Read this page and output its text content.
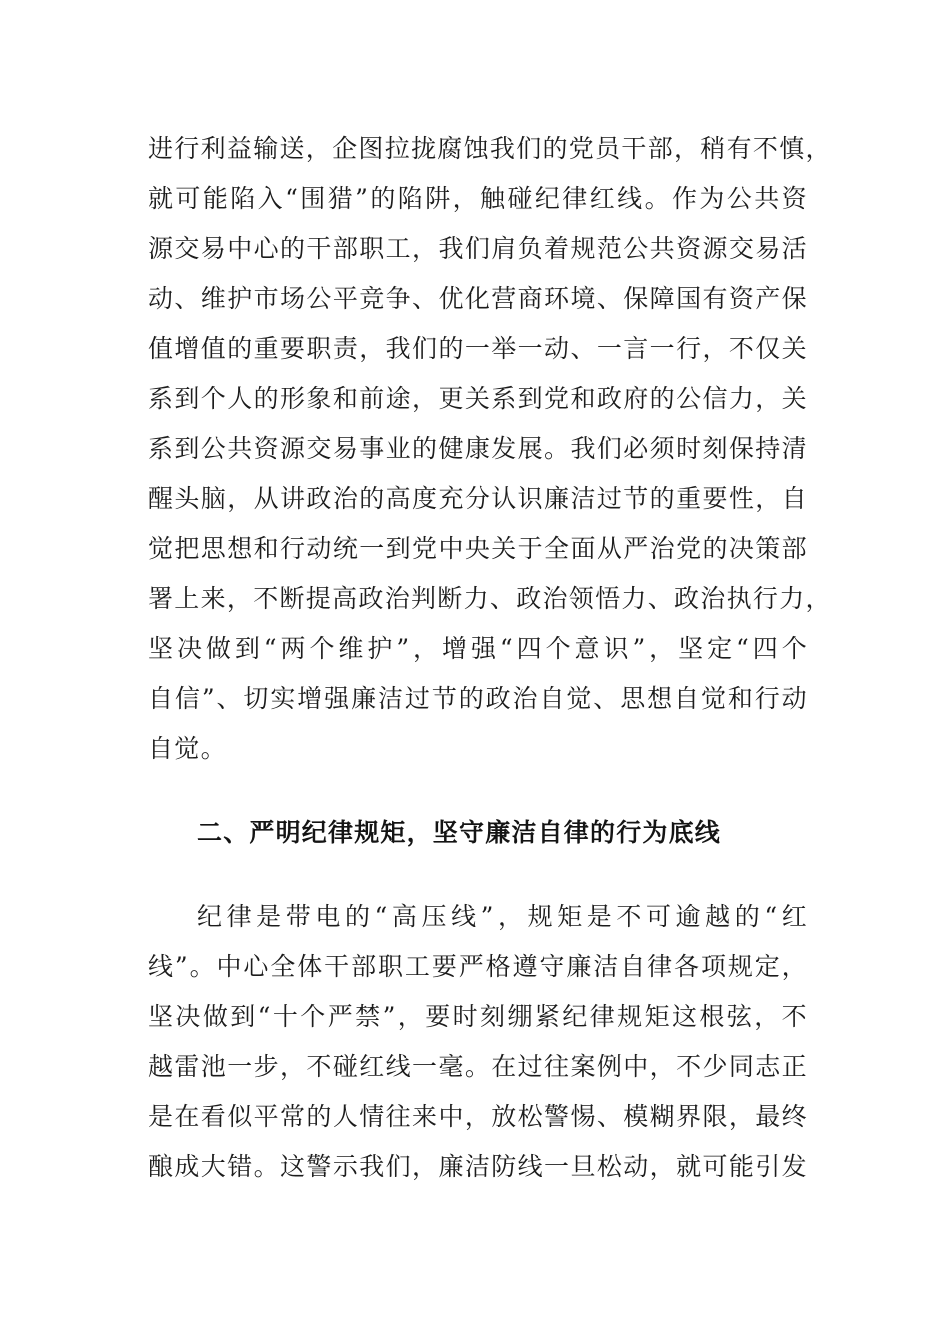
进行利益输送，企图拉拢腐蚀我们的党员干部，稍有不慎，
就可能陷入“围猎”的陷阱，触碰纪律红线。作为公共资
源交易中心的干部职工，我们肩负着规范公共资源交易活
动、维护市场公平竞争、优化营商环境、保障国有资产保
值增值的重要职责，我们的一举一动、一言一行，不仅关
系到个人的形象和前途，更关系到党和政府的公信力，关
系到公共资源交易事业的健康发展。我们必须时刻保持清
醒头脑，从讲政治的高度充分认识廉洁过节的重要性，自
觉把思想和行动统一到党中央关于全面从严治党的决策部
署上来，不断提高政治判断力、政治领悟力、政治执行力，
坚决做到“两个维护”，增强“四个意识”，坚定“四个
自信”、切实增强廉洁过节的政治自觉、思想自觉和行动
自觉。
二、严明纪律规矩，坚守廉洁自律的行为底线
纪律是带电的“高压线”，规矩是不可逾越的“红
线”。中心全体干部职工要严格遵守廉洁自律各项规定，
坚决做到“十个严禁”，要时刻绷紧纪律规矩这根弦，不
越雷池一步，不碰红线一毫。在过往案例中，不少同志正
是在看似平常的人情往来中，放松警惕、模糊界限，最终
酿成大错。这警示我们，廉洁防线一旦松动，就可能引发
